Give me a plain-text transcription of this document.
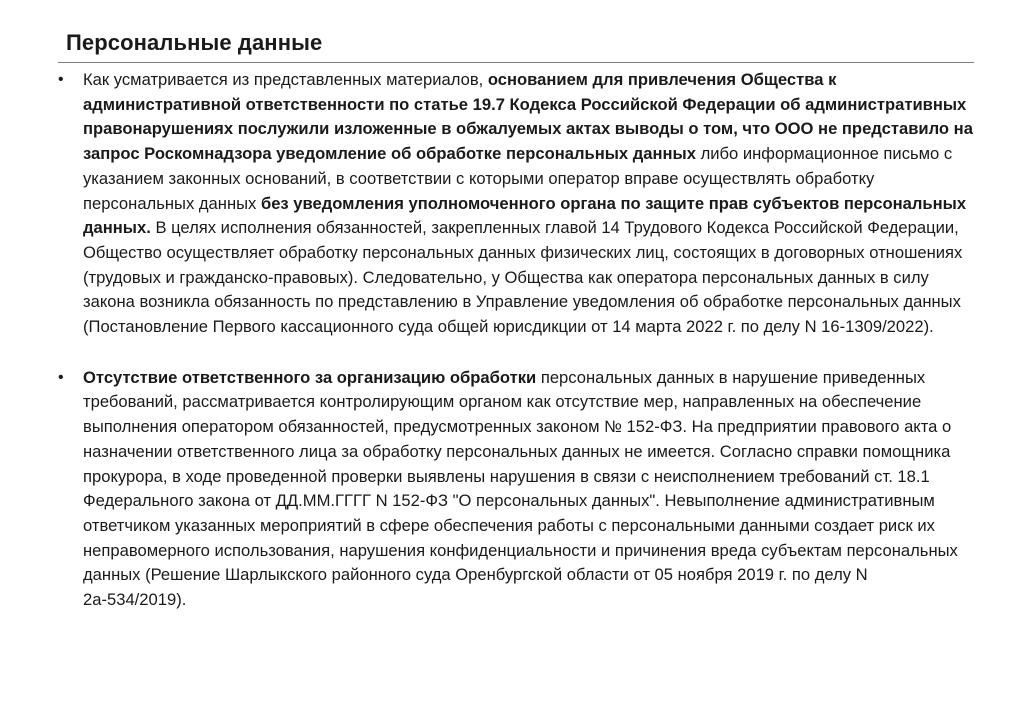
Персональные данные
• Как усматривается из представленных материалов, основанием для привлечения Общества к административной ответственности по статье 19.7 Кодекса Российской Федерации об административных правонарушениях послужили изложенные в обжалуемых актах выводы о том, что ООО не представило на запрос Роскомнадзора уведомление об обработке персональных данных либо информационное письмо с указанием законных оснований, в соответствии с которыми оператор вправе осуществлять обработку персональных данных без уведомления уполномоченного органа по защите прав субъектов персональных данных. В целях исполнения обязанностей, закрепленных главой 14 Трудового Кодекса Российской Федерации, Общество осуществляет обработку персональных данных физических лиц, состоящих в договорных отношениях (трудовых и гражданско-правовых). Следовательно, у Общества как оператора персональных данных в силу закона возникла обязанность по представлению в Управление уведомления об обработке персональных данных (Постановление Первого кассационного суда общей юрисдикции от 14 марта 2022 г. по делу N 16-1309/2022).
• Отсутствие ответственного за организацию обработки персональных данных в нарушение приведенных требований, рассматривается контролирующим органом как отсутствие мер, направленных на обеспечение выполнения оператором обязанностей, предусмотренных законом № 152-ФЗ. На предприятии правового акта о назначении ответственного лица за обработку персональных данных не имеется. Согласно справки помощника прокурора, в ходе проведенной проверки выявлены нарушения в связи с неисполнением требований ст. 18.1 Федерального закона от ДД.ММ.ГГГГ N 152-ФЗ "О персональных данных". Невыполнение административным ответчиком указанных мероприятий в сфере обеспечения работы с персональными данными создает риск их неправомерного использования, нарушения конфиденциальности и причинения вреда субъектам персональных данных (Решение Шарлыкского районного суда Оренбургской области от 05 ноября 2019 г. по делу N 2а-534/2019).
